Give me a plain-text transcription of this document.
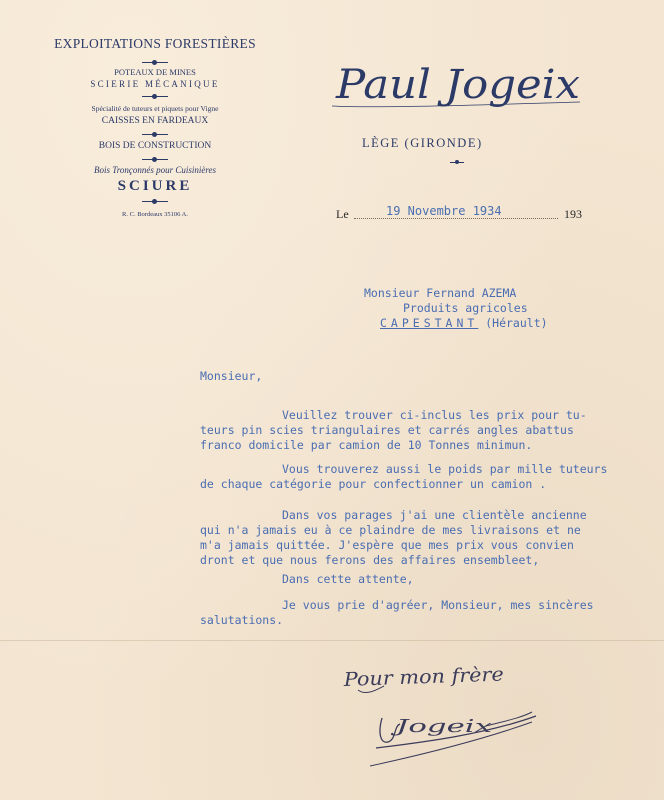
EXPLOITATIONS FORESTIÈRES
POTEAUX DE MINES
SCIERIE MÉCANIQUE
Spécialité de tuteurs et piquets pour Vigne
CAISSES EN FARDEAUX
BOIS DE CONSTRUCTION
Bois Tronçonnés pour Cuisinières
SCIURE
R. C. Bordeaux 35106 A.
Paul Jogeix
LÈGE (GIRONDE)
Le	19 Novembre 1934	193
Monsieur Fernand AZEMA
Produits agricoles
CAPESTANT (Hérault)
Monsieur,
Veuillez trouver ci-inclus les prix pour tu-
teurs pin scies triangulaires et carrés angles abattus
franco domicile par camion de 10 Tonnes minimun.
Vous trouverez aussi le poids par mille tuteurs
de chaque catégorie pour confectionner un camion .
Dans vos parages j'ai une clientèle ancienne
qui n'a jamais eu à ce plaindre de mes livraisons et ne
m'a jamais quittée. J'espère que mes prix vous convien
dront et que nous ferons des affaires ensembleet,
Dans cette attente,
Je vous prie d'agréer, Monsieur, mes sincères
salutations.
Pour mon frère
Jogeix
